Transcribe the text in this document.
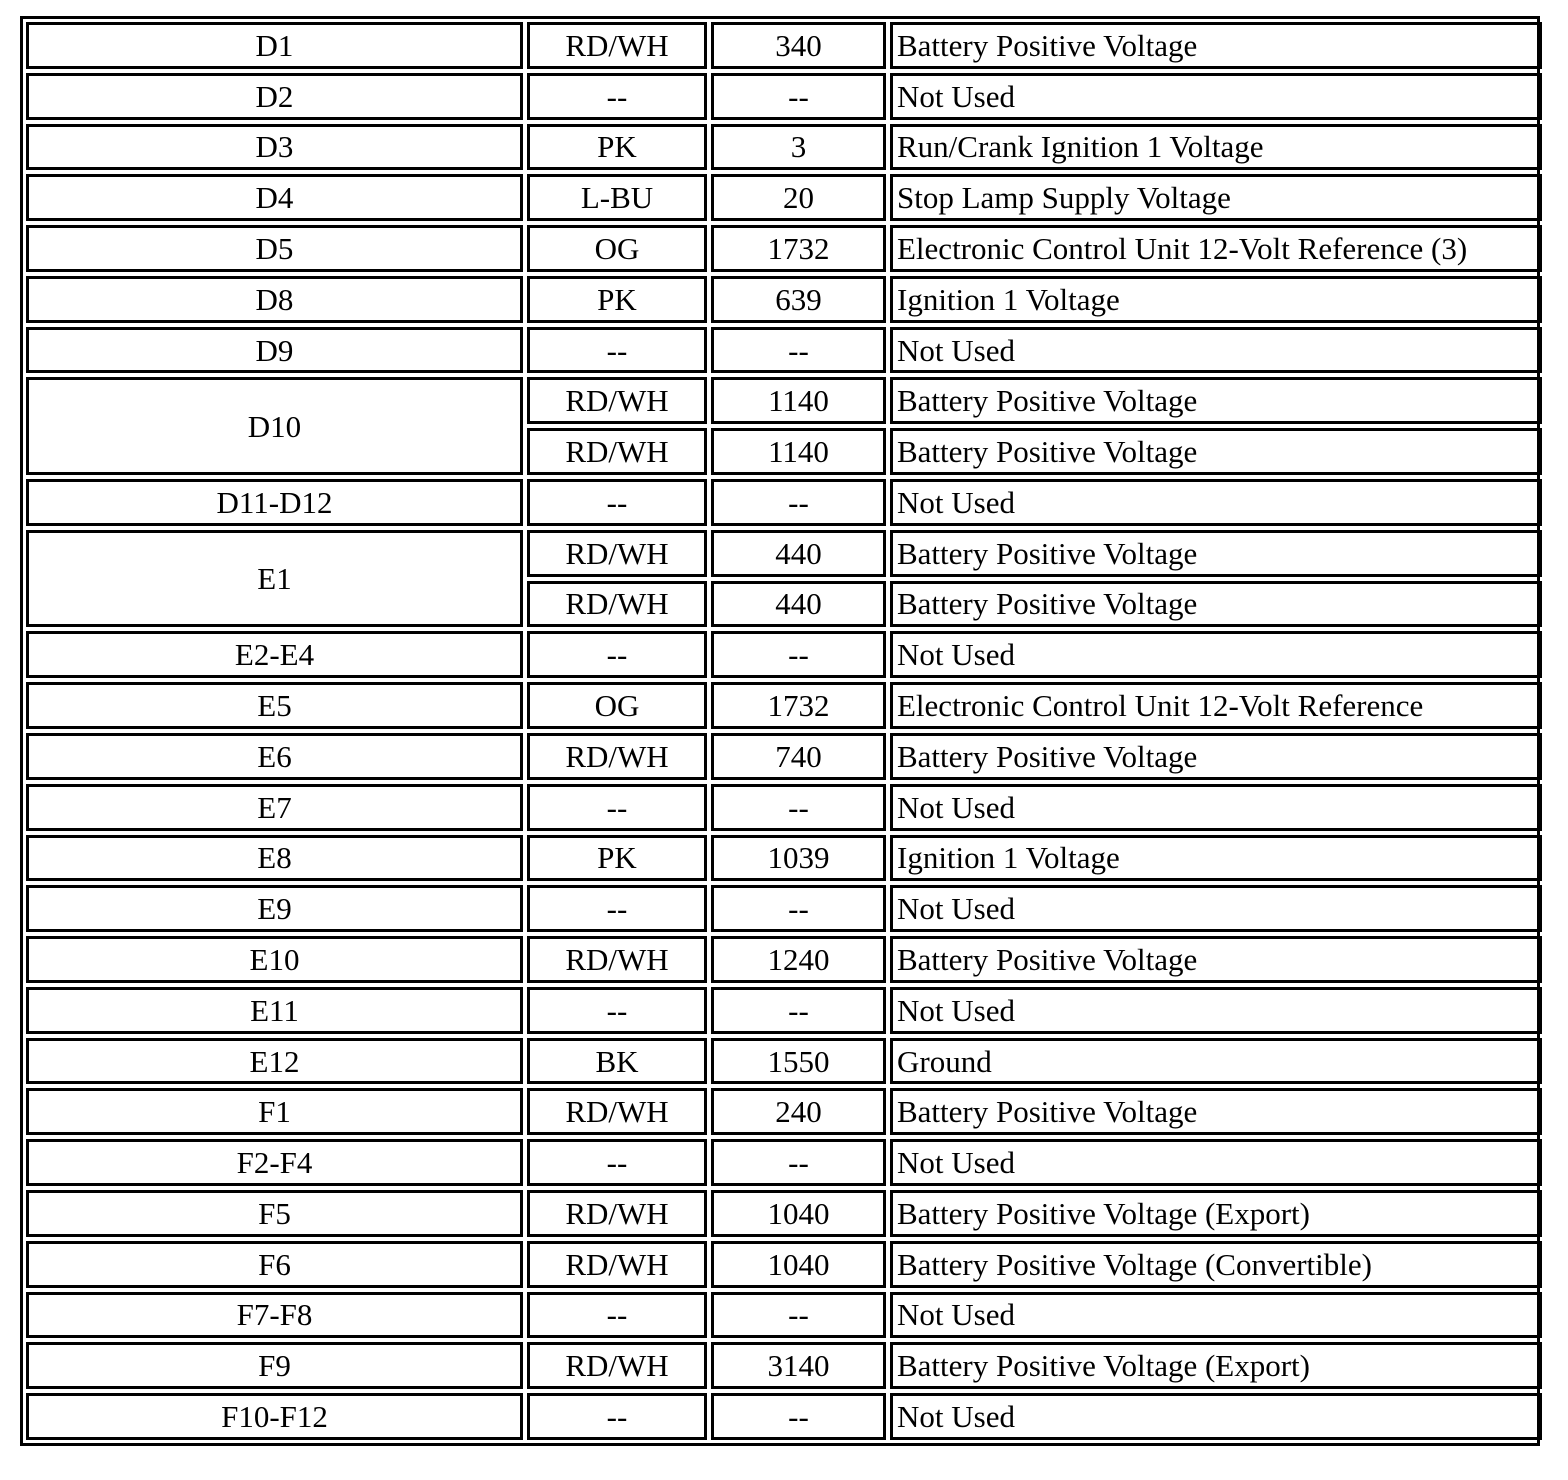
D1	RD/WH	340	Battery Positive Voltage
D2	--	--	Not Used
D3	PK	3	Run/Crank Ignition 1 Voltage
D4	L-BU	20	Stop Lamp Supply Voltage
D5	OG	1732	Electronic Control Unit 12-Volt Reference (3)
D8	PK	639	Ignition 1 Voltage
D9	--	--	Not Used
D10	RD/WH	1140	Battery Positive Voltage
	RD/WH	1140	Battery Positive Voltage
D11-D12	--	--	Not Used
E1	RD/WH	440	Battery Positive Voltage
	RD/WH	440	Battery Positive Voltage
E2-E4	--	--	Not Used
E5	OG	1732	Electronic Control Unit 12-Volt Reference
E6	RD/WH	740	Battery Positive Voltage
E7	--	--	Not Used
E8	PK	1039	Ignition 1 Voltage
E9	--	--	Not Used
E10	RD/WH	1240	Battery Positive Voltage
E11	--	--	Not Used
E12	BK	1550	Ground
F1	RD/WH	240	Battery Positive Voltage
F2-F4	--	--	Not Used
F5	RD/WH	1040	Battery Positive Voltage (Export)
F6	RD/WH	1040	Battery Positive Voltage (Convertible)
F7-F8	--	--	Not Used
F9	RD/WH	3140	Battery Positive Voltage (Export)
F10-F12	--	--	Not Used
